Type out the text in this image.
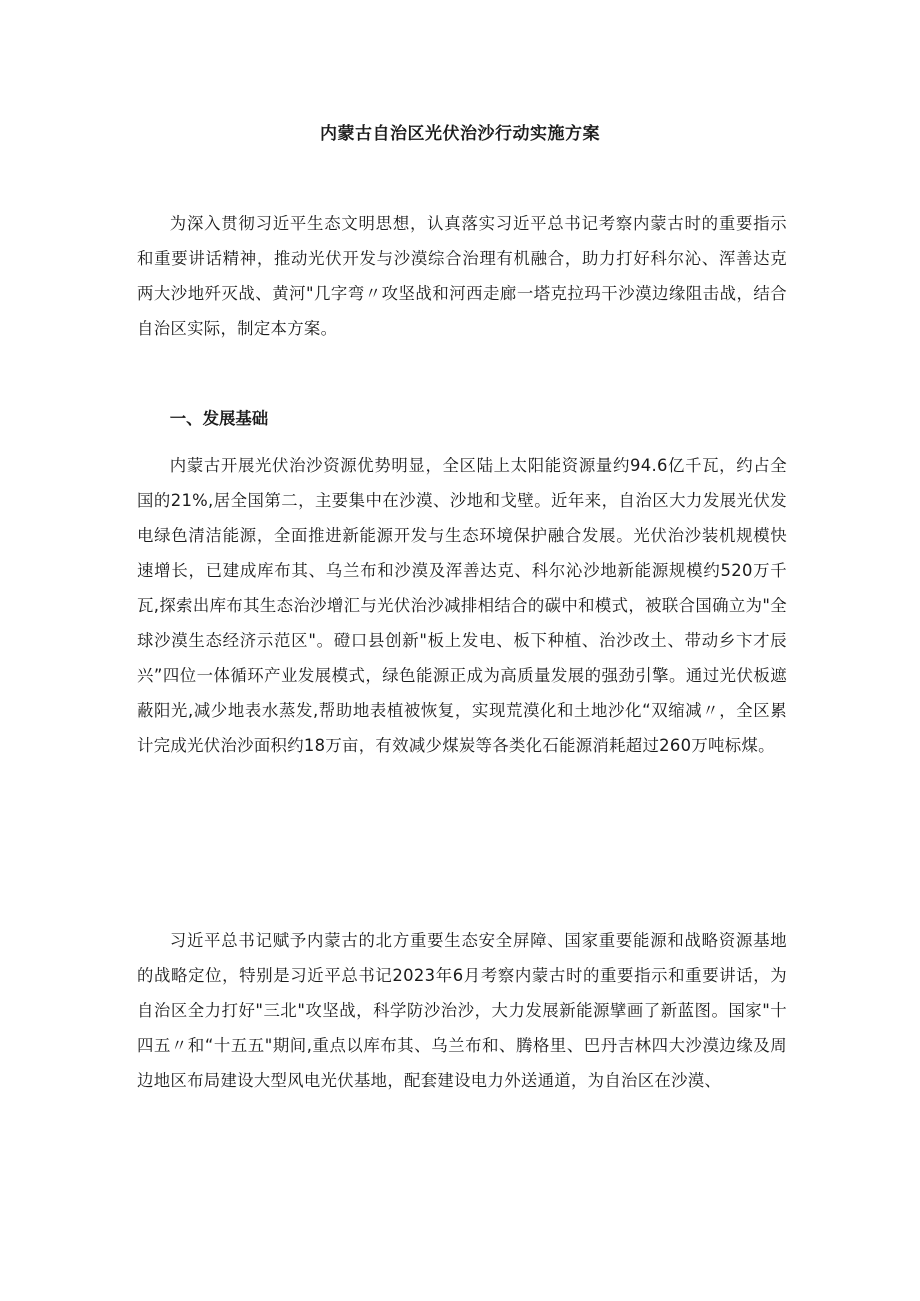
内蒙古自治区光伏治沙行动实施方案

为深入贯彻习近平生态文明思想，认真落实习近平总书记考察内蒙古时的重要指示和重要讲话精神，推动光伏开发与沙漠综合治理有机融合，助力打好科尔沁、浑善达克两大沙地歼灭战、黄河"几字弯〃攻坚战和河西走廊一塔克拉玛干沙漠边缘阻击战，结合自治区实际，制定本方案。

一、发展基础

内蒙古开展光伏治沙资源优势明显，全区陆上太阳能资源量约94.6亿千瓦，约占全国的21%,居全国第二，主要集中在沙漠、沙地和戈壁。近年来，自治区大力发展光伏发电绿色清洁能源，全面推进新能源开发与生态环境保护融合发展。光伏治沙装机规模快速增长，已建成库布其、乌兰布和沙漠及浑善达克、科尔沁沙地新能源规模约520万千瓦,探索出库布其生态治沙增汇与光伏治沙减排相结合的碳中和模式，被联合国确立为"全球沙漠生态经济示范区"。磴口县创新"板上发电、板下种植、治沙改土、带动乡卞才辰兴”四位一体循环产业发展模式，绿色能源正成为高质量发展的强劲引擎。通过光伏板遮蔽阳光,减少地表水蒸发,帮助地表植被恢复，实现荒漠化和土地沙化“双缩减〃，全区累计完成光伏治沙面积约18万亩，有效减少煤炭等各类化石能源消耗超过260万吨标煤。

习近平总书记赋予内蒙古的北方重要生态安全屏障、国家重要能源和战略资源基地的战略定位，特别是习近平总书记2023年6月考察内蒙古时的重要指示和重要讲话，为自治区全力打好"三北"攻坚战，科学防沙治沙，大力发展新能源擘画了新蓝图。国家"十四五〃和“十五五"期间,重点以库布其、乌兰布和、腾格里、巴丹吉林四大沙漠边缘及周边地区布局建设大型风电光伏基地，配套建设电力外送通道，为自治区在沙漠、
